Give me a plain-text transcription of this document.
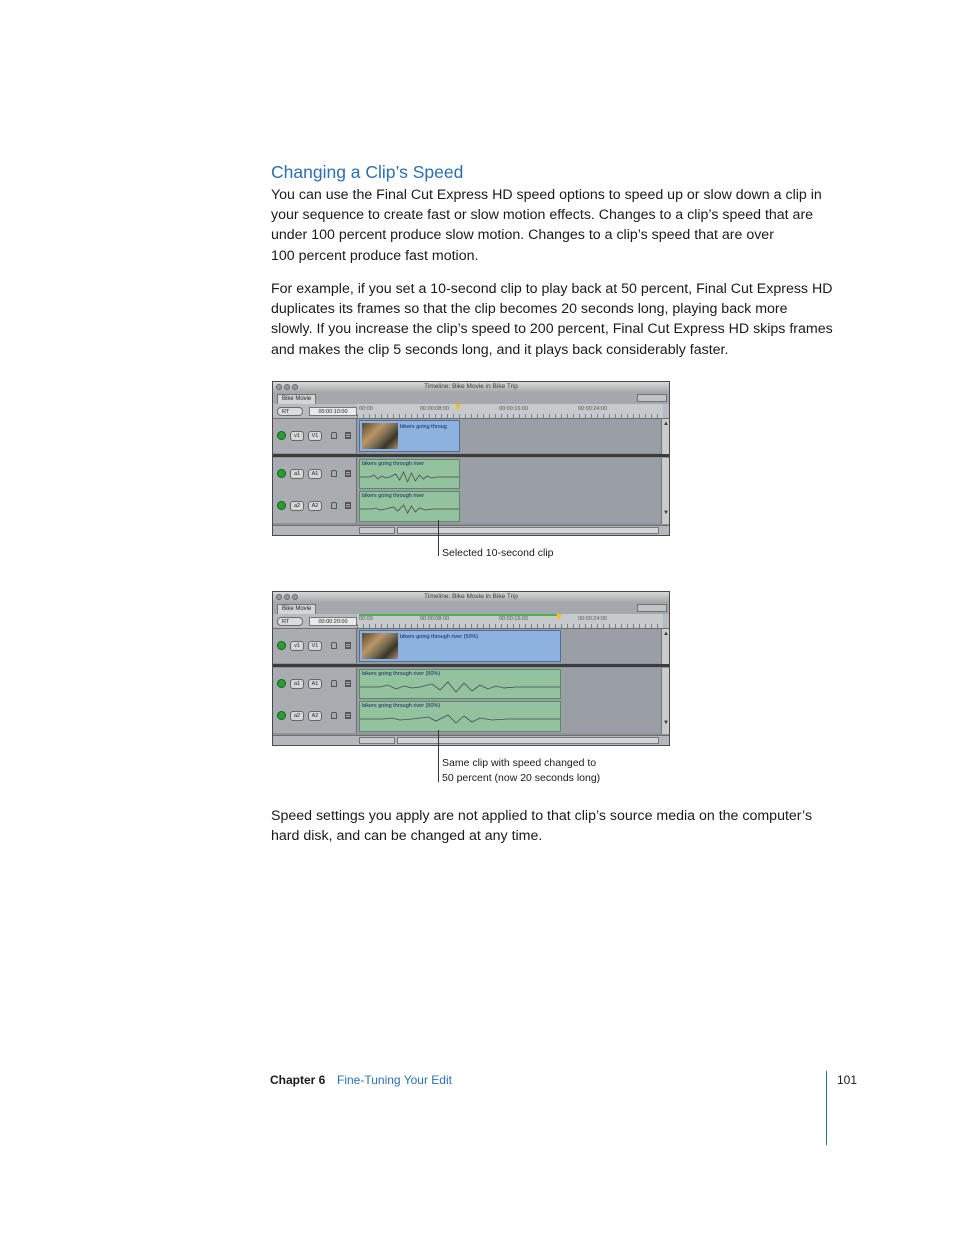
Changing a Clip’s Speed

You can use the Final Cut Express HD speed options to speed up or slow down a clip in
your sequence to create fast or slow motion effects. Changes to a clip’s speed that are
under 100 percent produce slow motion. Changes to a clip’s speed that are over
100 percent produce fast motion.

For example, if you set a 10-second clip to play back at 50 percent, Final Cut Express HD
duplicates its frames so that the clip becomes 20 seconds long, playing back more
slowly. If you increase the clip’s speed to 200 percent, Final Cut Express HD skips frames
and makes the clip 5 seconds long, and it plays back considerably faster.

Timeline: Bike Movie in Bike Trip
Bike Movie
RT	00:00:10:00	00:00	00:00:08:00	00:00:16:00	00:00:24:00
v1	V1
bikers going throug
a1	A1
bikers going through river
a2	A2
bikers going through river
▲
▼
Selected 10-second clip
Timeline: Bike Movie in Bike Trip
Bike Movie
RT	00:00:20:00	00:00	00:00:08:00	00:00:16:00	00:00:24:00
v1	V1
bikers going through river (50%)
a1	A1
bikers going through river (50%)
a2	A2
bikers going through river (50%)
▲
▼
Same clip with speed changed to
50 percent (now 20 seconds long)

Speed settings you apply are not applied to that clip’s source media on the computer’s
hard disk, and can be changed at any time.

Chapter 6 Fine-Tuning Your Edit	101
